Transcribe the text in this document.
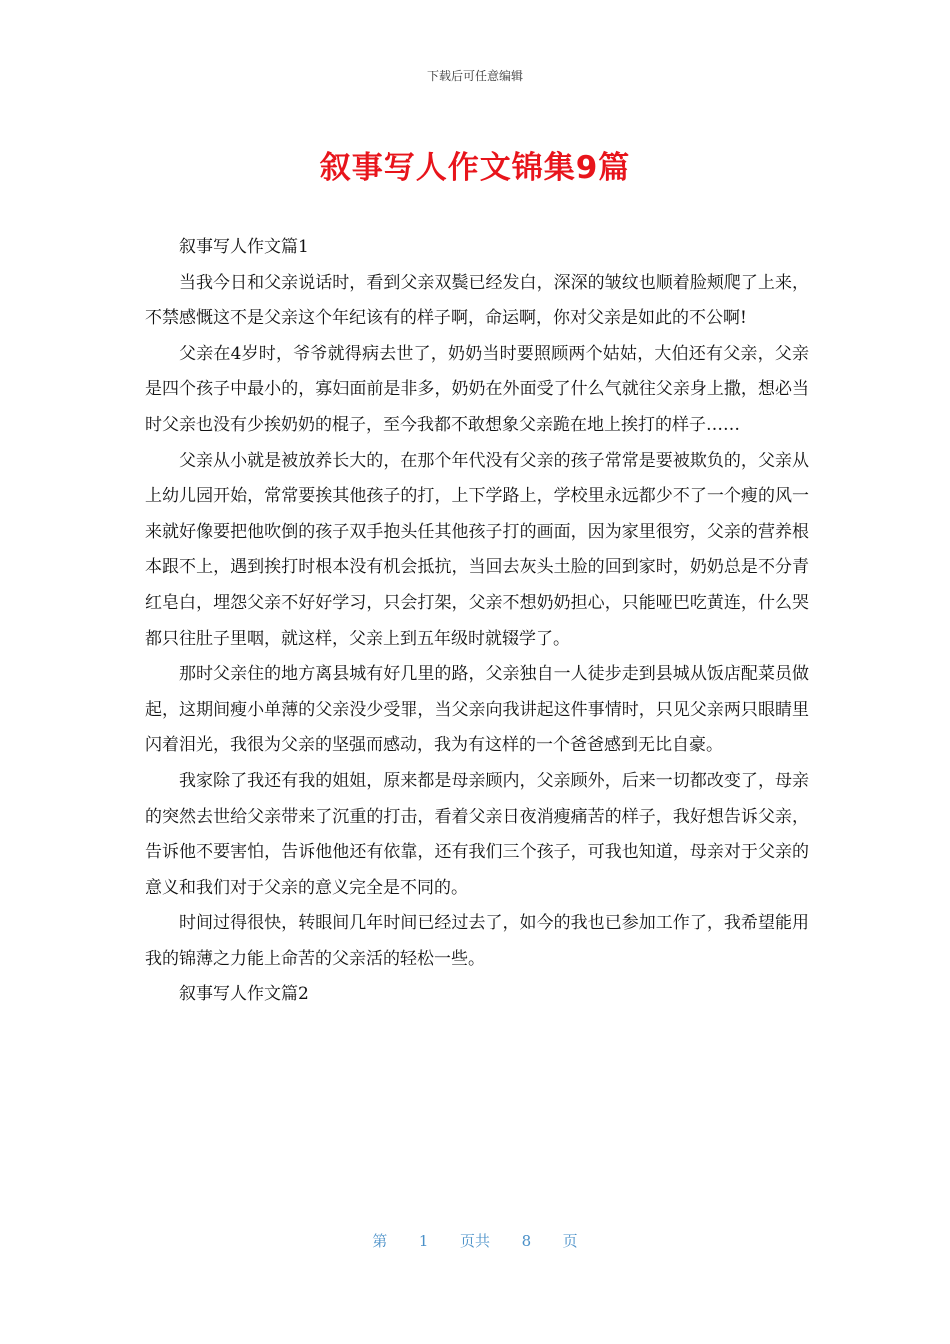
下载后可任意编辑
叙事写人作文锦集9篇

叙事写人作文篇1

当我今日和父亲说话时，看到父亲双鬓已经发白，深深的皱纹也顺着脸颊爬了上来，不禁感慨这不是父亲这个年纪该有的样子啊，命运啊，你对父亲是如此的不公啊!

父亲在4岁时，爷爷就得病去世了，奶奶当时要照顾两个姑姑，大伯还有父亲，父亲是四个孩子中最小的，寡妇面前是非多，奶奶在外面受了什么气就往父亲身上撒，想必当时父亲也没有少挨奶奶的棍子，至今我都不敢想象父亲跪在地上挨打的样子……

父亲从小就是被放养长大的，在那个年代没有父亲的孩子常常是要被欺负的，父亲从上幼儿园开始，常常要挨其他孩子的打，上下学路上，学校里永远都少不了一个瘦的风一来就好像要把他吹倒的孩子双手抱头任其他孩子打的画面，因为家里很穷，父亲的营养根本跟不上，遇到挨打时根本没有机会抵抗，当回去灰头土脸的回到家时，奶奶总是不分青红皂白，埋怨父亲不好好学习，只会打架，父亲不想奶奶担心，只能哑巴吃黄连，什么哭都只往肚子里咽，就这样，父亲上到五年级时就辍学了。

那时父亲住的地方离县城有好几里的路，父亲独自一人徒步走到县城从饭店配菜员做起，这期间瘦小单薄的父亲没少受罪，当父亲向我讲起这件事情时，只见父亲两只眼睛里闪着泪光，我很为父亲的坚强而感动，我为有这样的一个爸爸感到无比自豪。

我家除了我还有我的姐姐，原来都是母亲顾内，父亲顾外，后来一切都改变了，母亲的突然去世给父亲带来了沉重的打击，看着父亲日夜消瘦痛苦的样子，我好想告诉父亲，告诉他不要害怕，告诉他他还有依靠，还有我们三个孩子，可我也知道，母亲对于父亲的意义和我们对于父亲的意义完全是不同的。

时间过得很快，转眼间几年时间已经过去了，如今的我也已参加工作了，我希望能用我的锦薄之力能上命苦的父亲活的轻松一些。

叙事写人作文篇2

第 1 页共 8 页
